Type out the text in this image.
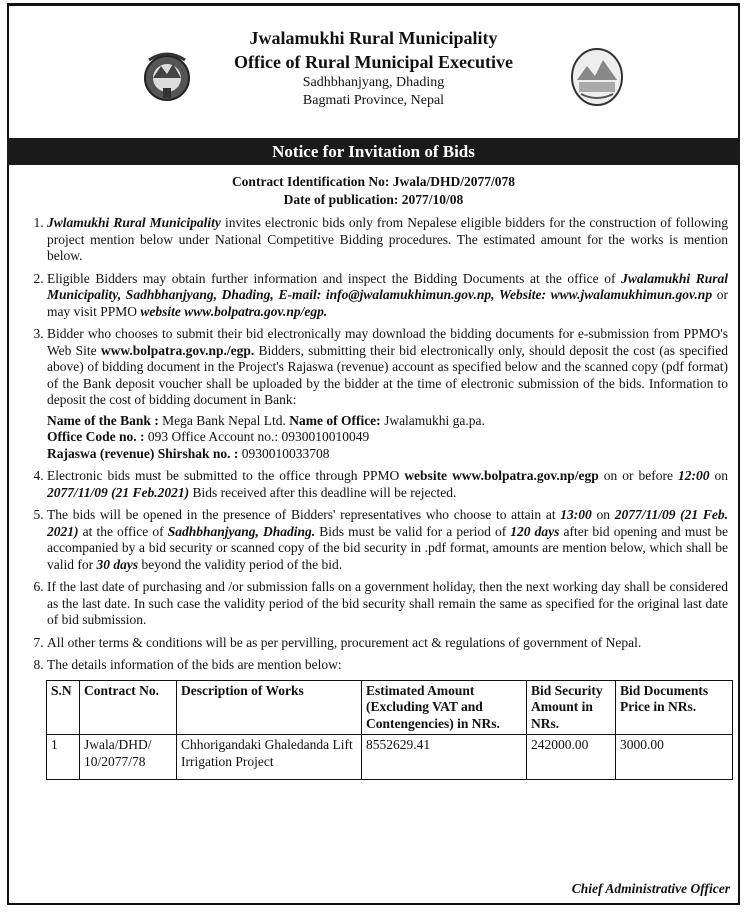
Jwalamukhi Rural Municipality
Office of Rural Municipal Executive
Sadhbhanjyang, Dhading
Bagmati Province, Nepal
Notice for Invitation of Bids
Contract Identification No: Jwala/DHD/2077/078
Date of publication: 2077/10/08
1. Jwlamukhi Rural Municipality invites electronic bids only from Nepalese eligible bidders for the construction of following project mention below under National Competitive Bidding procedures. The estimated amount for the works is mention below.
2. Eligible Bidders may obtain further information and inspect the Bidding Documents at the office of Jwalamukhi Rural Municipality, Sadhbhanjyang, Dhading, E-mail: info@jwalamukhimun.gov.np, Website: www.jwalamukhimun.gov.np or may visit PPMO website www.bolpatra.gov.np/egp.
3. Bidder who chooses to submit their bid electronically may download the bidding documents for e-submission from PPMO's Web Site www.bolpatra.gov.np./egp. Bidders, submitting their bid electronically only, should deposit the cost (as specified above) of bidding document in the Project's Rajaswa (revenue) account as specified below and the scanned copy (pdf format) of the Bank deposit voucher shall be uploaded by the bidder at the time of electronic submission of the bids. Information to deposit the cost of bidding document in Bank:
Name of the Bank : Mega Bank Nepal Ltd. Name of Office: Jwalamukhi ga.pa.
Office Code no. : 093 Office Account no.: 0930010010049
Rajaswa (revenue) Shirshak no. : 0930010033708
4. Electronic bids must be submitted to the office through PPMO website www.bolpatra.gov.np/egp on or before 12:00 on 2077/11/09 (21 Feb.2021) Bids received after this deadline will be rejected.
5. The bids will be opened in the presence of Bidders' representatives who choose to attain at 13:00 on 2077/11/09 (21 Feb. 2021) at the office of Sadhbhanjyang, Dhading. Bids must be valid for a period of 120 days after bid opening and must be accompanied by a bid security or scanned copy of the bid security in .pdf format, amounts are mention below, which shall be valid for 30 days beyond the validity period of the bid.
6. If the last date of purchasing and /or submission falls on a government holiday, then the next working day shall be considered as the last date. In such case the validity period of the bid security shall remain the same as specified for the original last date of bid submission.
7. All other terms & conditions will be as per pervilling, procurement act & regulations of government of Nepal.
8. The details information of the bids are mention below:
S.N	Contract No.	Description of Works	Estimated Amount (Excluding VAT and Contengencies) in NRs.	Bid Security Amount in NRs.	Bid Documents Price in NRs.
1	Jwala/DHD/ 10/2077/78	Chhorigandaki Ghaledanda Lift Irrigation Project	8552629.41	242000.00	3000.00
Chief Administrative Officer
